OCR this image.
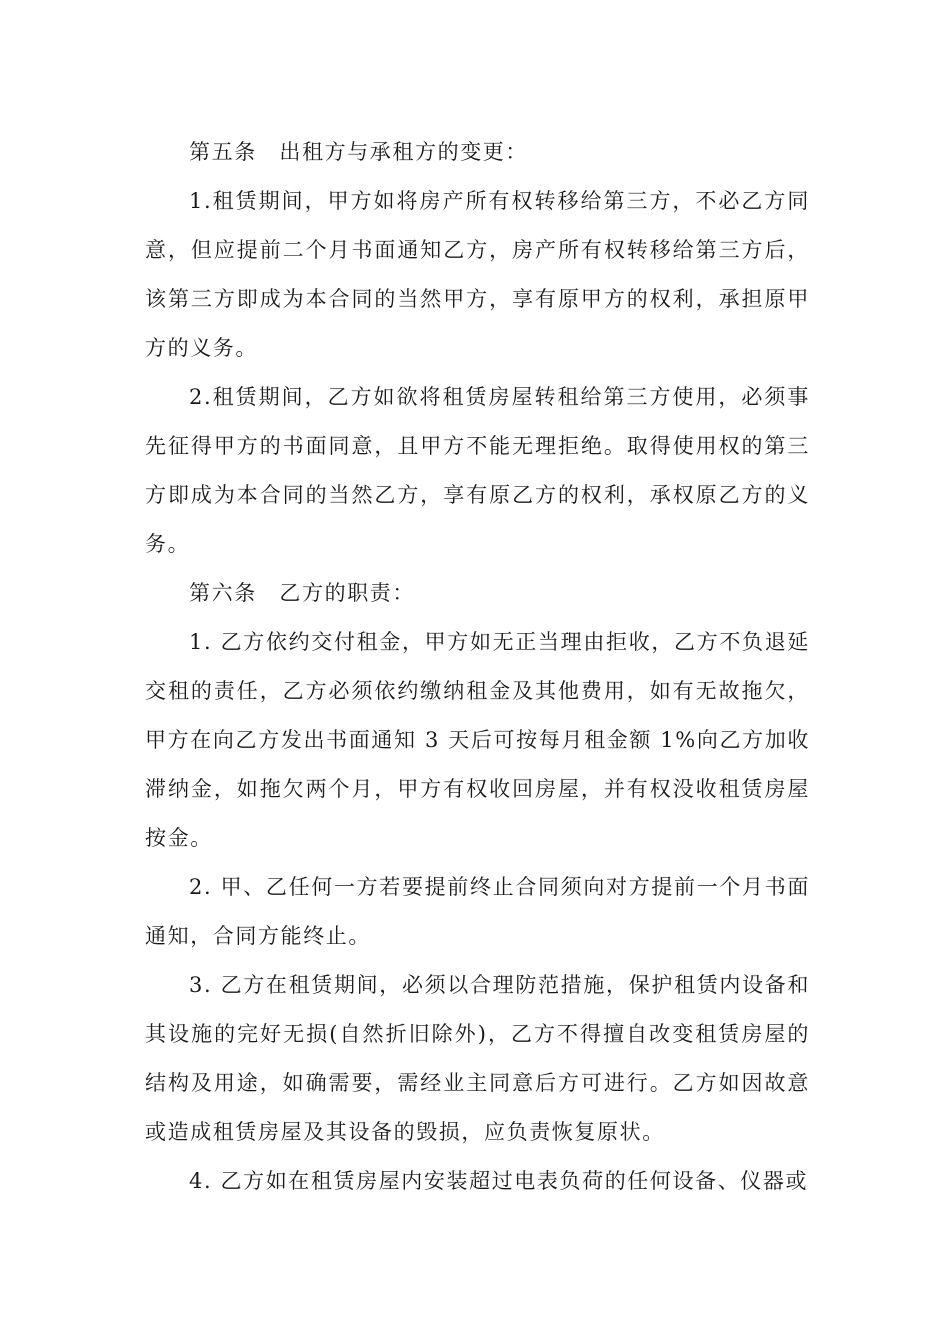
第五条　出租方与承租方的变更：

1.租赁期间，甲方如将房产所有权转移给第三方，不必乙方同意，但应提前二个月书面通知乙方，房产所有权转移给第三方后，该第三方即成为本合同的当然甲方，享有原甲方的权利，承担原甲方的义务。

2.租赁期间，乙方如欲将租赁房屋转租给第三方使用，必须事先征得甲方的书面同意，且甲方不能无理拒绝。取得使用权的第三方即成为本合同的当然乙方，享有原乙方的权利，承权原乙方的义务。

第六条　乙方的职责：

1. 乙方依约交付租金，甲方如无正当理由拒收，乙方不负退延交租的责任，乙方必须依约缴纳租金及其他费用，如有无故拖欠，甲方在向乙方发出书面通知 3 天后可按每月租金额 1%向乙方加收滞纳金，如拖欠两个月，甲方有权收回房屋，并有权没收租赁房屋按金。

2. 甲、乙任何一方若要提前终止合同须向对方提前一个月书面通知，合同方能终止。

3. 乙方在租赁期间，必须以合理防范措施，保护租赁内设备和其设施的完好无损(自然折旧除外)，乙方不得擅自改变租赁房屋的结构及用途，如确需要，需经业主同意后方可进行。乙方如因故意或造成租赁房屋及其设备的毁损，应负责恢复原状。

4. 乙方如在租赁房屋内安装超过电表负荷的任何设备、仪器或
